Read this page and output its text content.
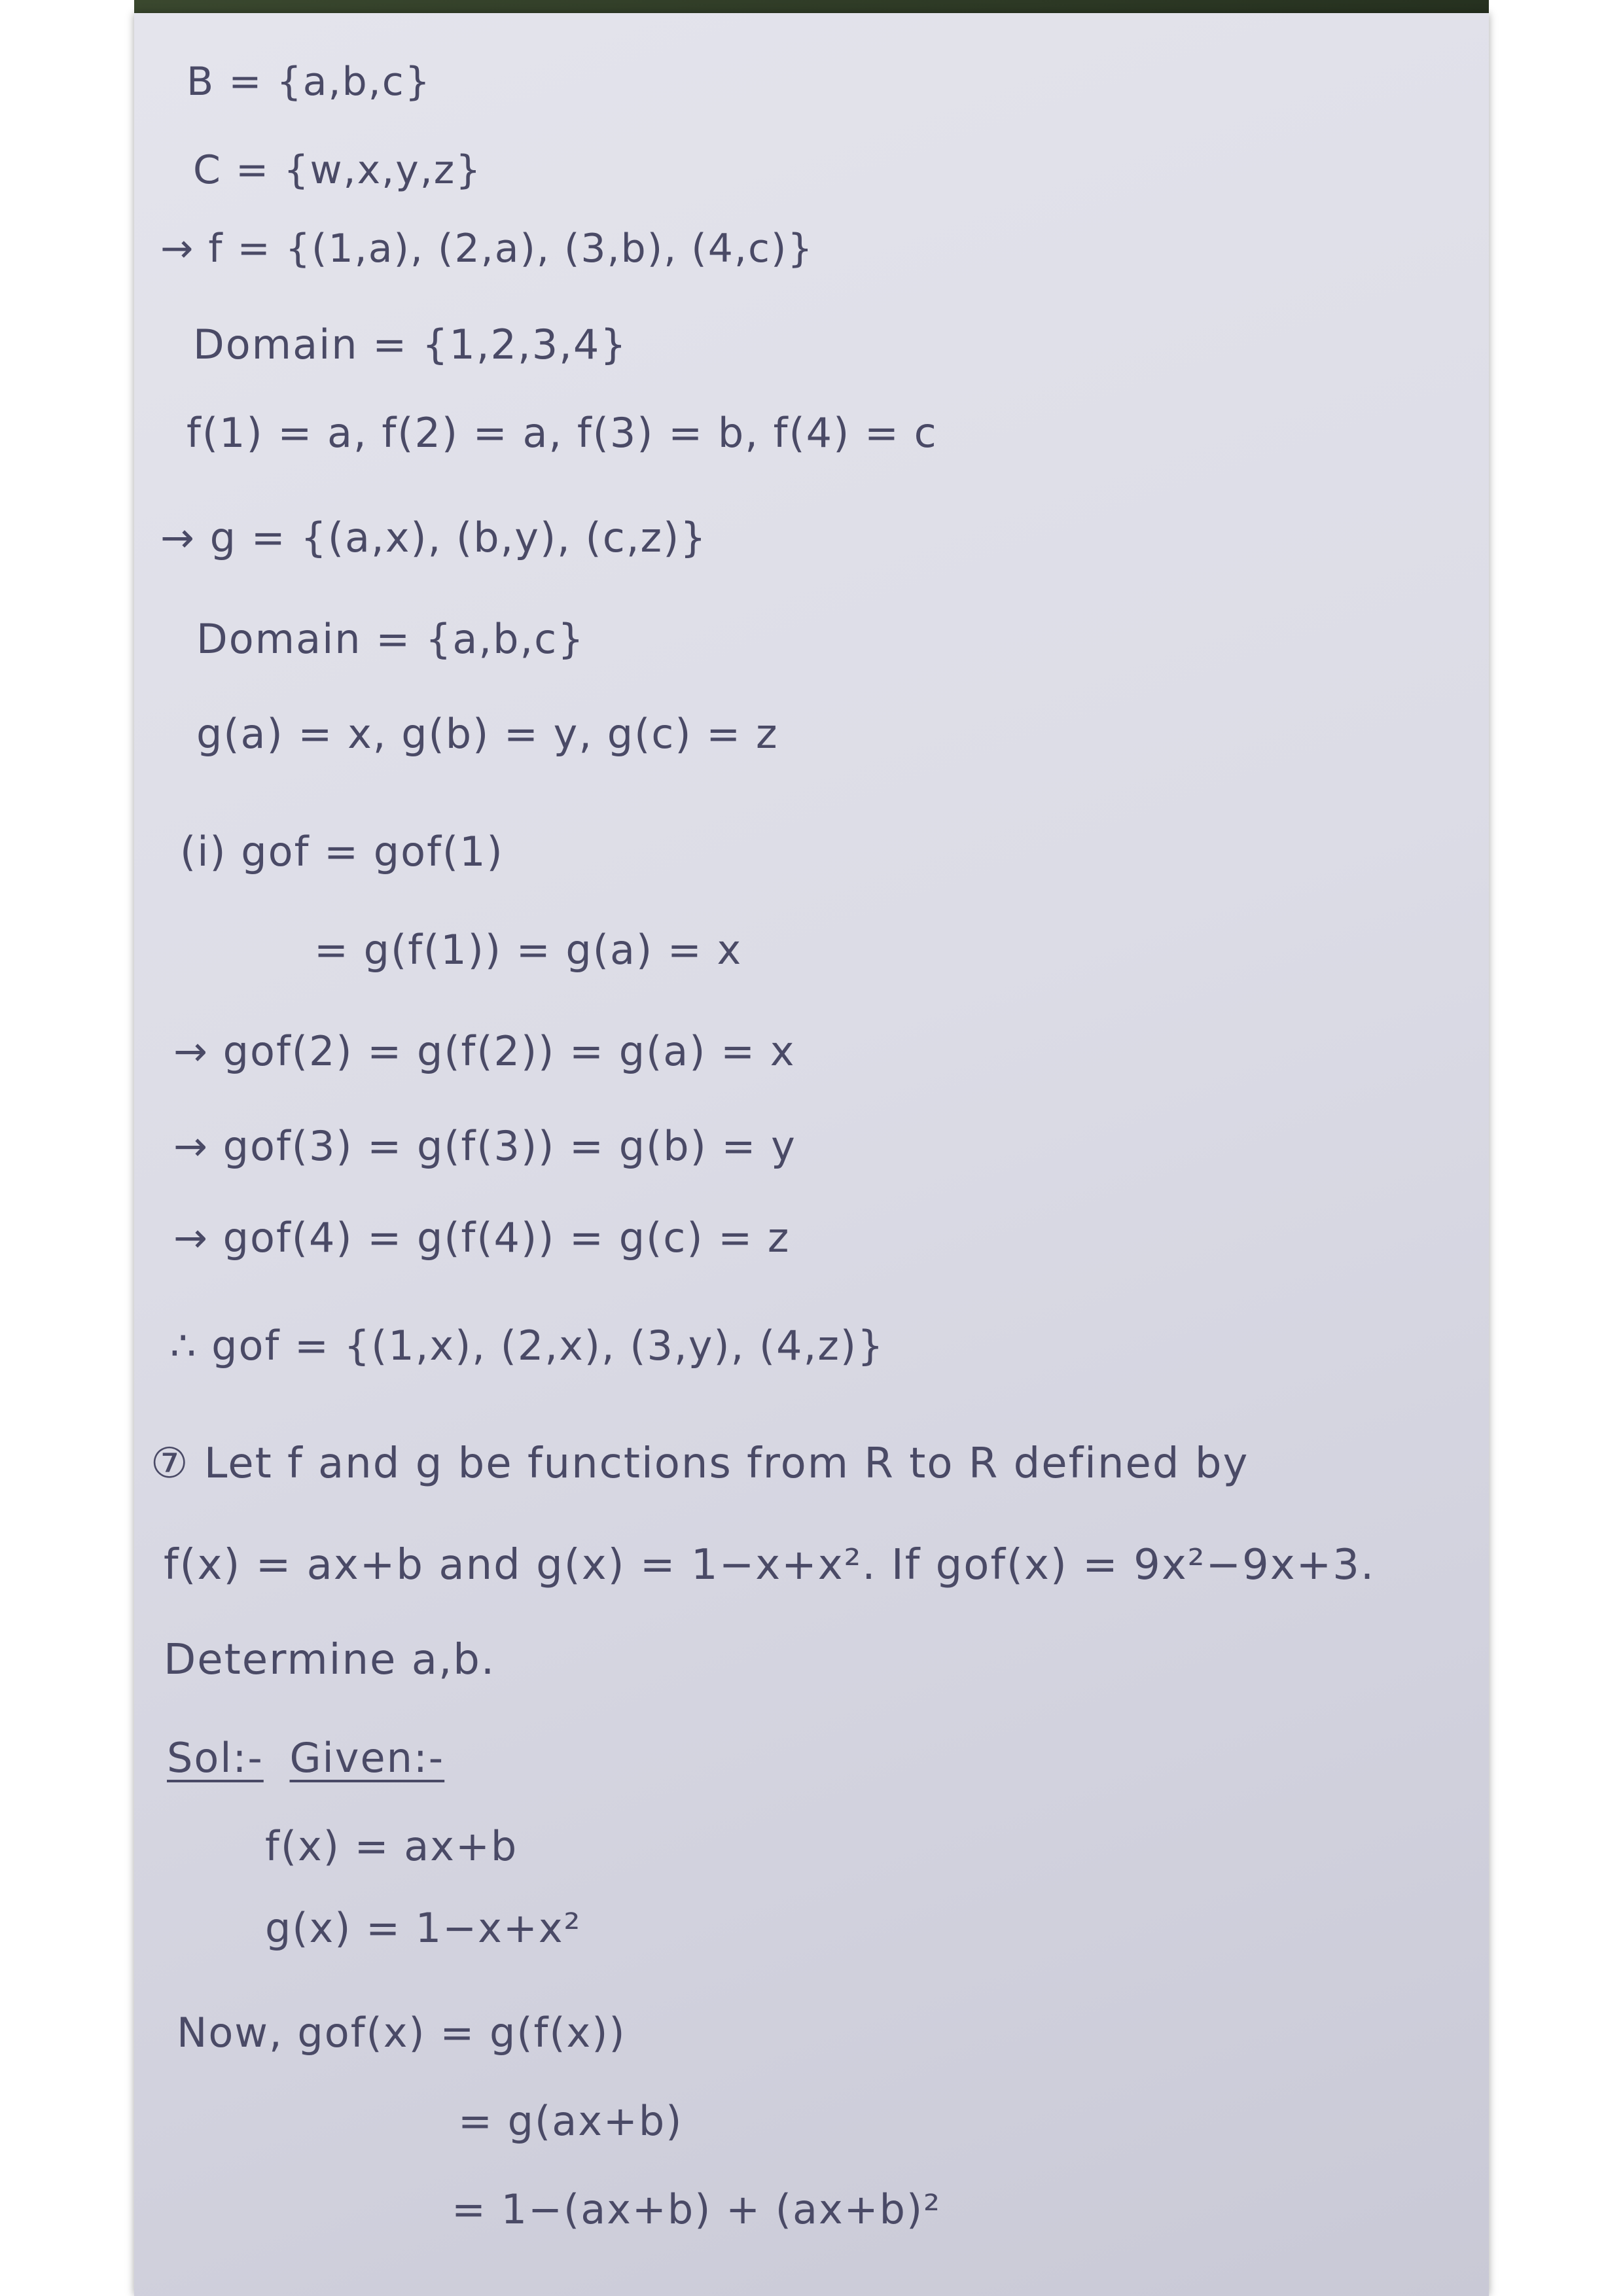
B = {a,b,c}
C = {w,x,y,z}
→ f = {(1,a), (2,a), (3,b), (4,c)}
Domain = {1,2,3,4}
f(1) = a, f(2) = a, f(3) = b, f(4) = c
→ g = {(a,x), (b,y), (c,z)}
Domain = {a,b,c}
g(a) = x, g(b) = y, g(c) = z
(i) gof = gof(1)
= g(f(1)) = g(a) = x
→ gof(2) = g(f(2)) = g(a) = x
→ gof(3) = g(f(3)) = g(b) = y
→ gof(4) = g(f(4)) = g(c) = z
∴ gof = {(1,x), (2,x), (3,y), (4,z)}
⑦ Let f and g be functions from R to R defined by
f(x) = ax+b and g(x) = 1−x+x². If gof(x) = 9x²−9x+3.
Determine a,b.
Sol:- Given:-
f(x) = ax+b
g(x) = 1−x+x²
Now, gof(x) = g(f(x))
= g(ax+b)
= 1−(ax+b) + (ax+b)²
